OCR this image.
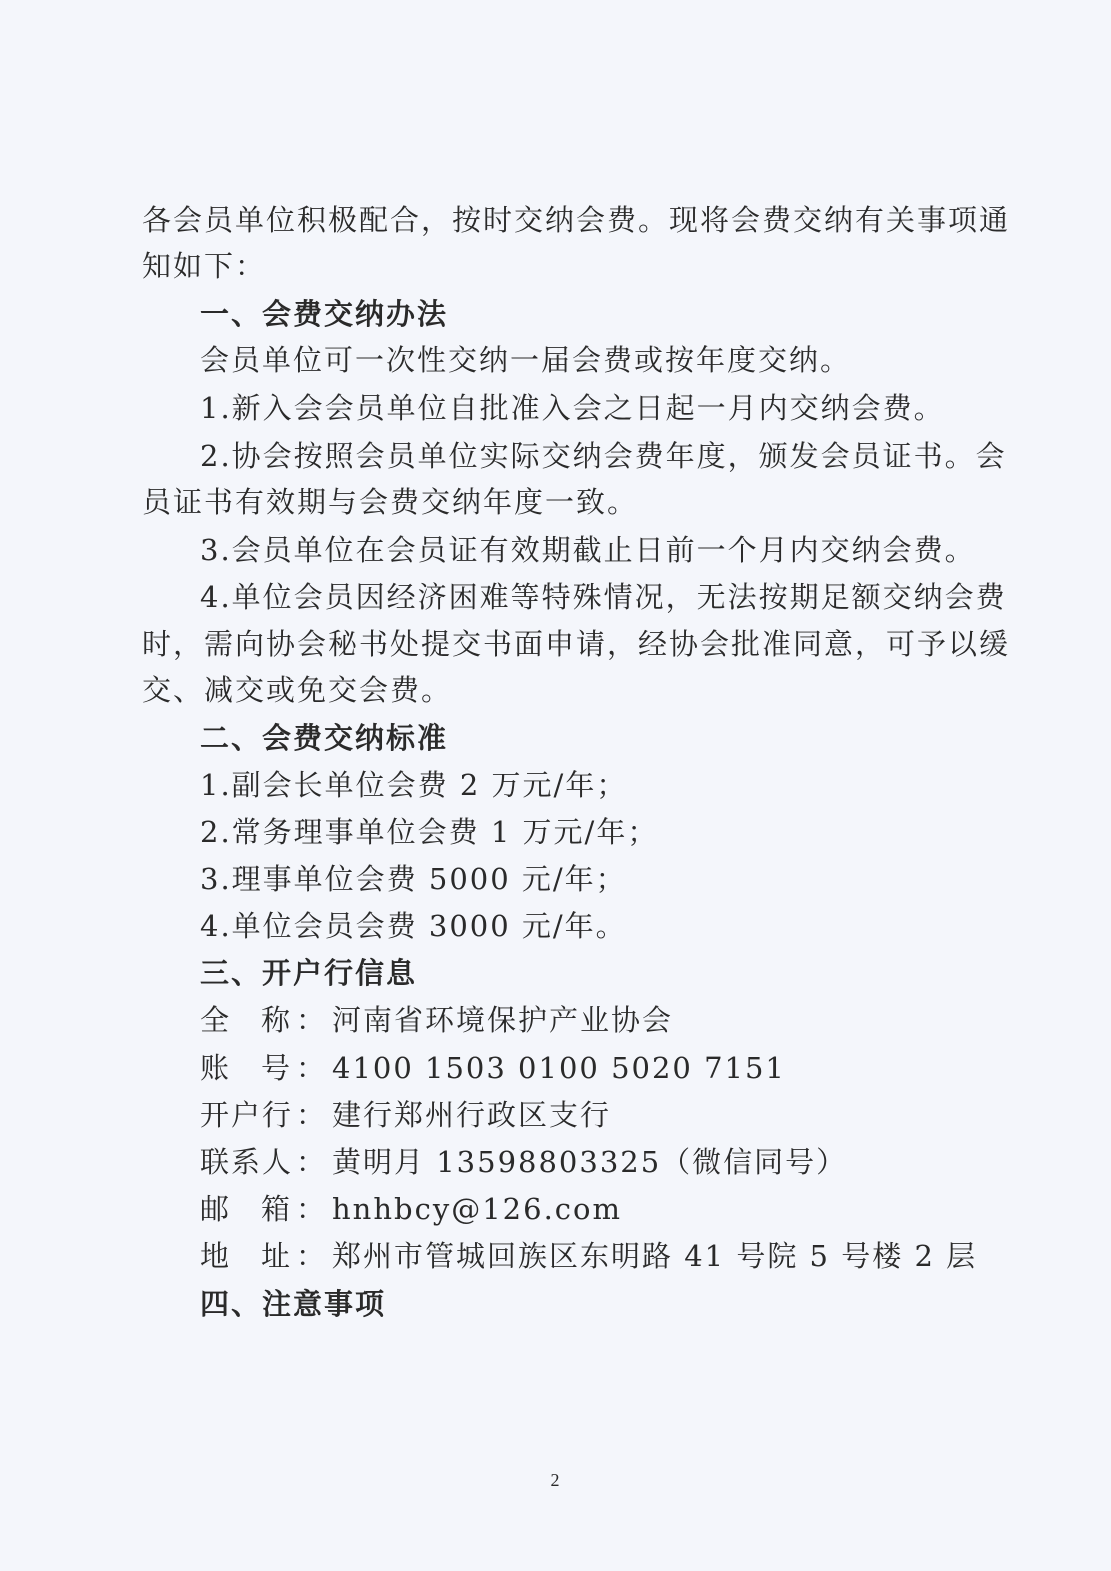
各会员单位积极配合，按时交纳会费。现将会费交纳有关事项通
知如下：
一、会费交纳办法
会员单位可一次性交纳一届会费或按年度交纳。
1.新入会会员单位自批准入会之日起一月内交纳会费。
2.协会按照会员单位实际交纳会费年度，颁发会员证书。会
员证书有效期与会费交纳年度一致。
3.会员单位在会员证有效期截止日前一个月内交纳会费。
4.单位会员因经济困难等特殊情况，无法按期足额交纳会费
时，需向协会秘书处提交书面申请，经协会批准同意，可予以缓
交、减交或免交会费。
二、会费交纳标准
1.副会长单位会费 2 万元/年；
2.常务理事单位会费 1 万元/年；
3.理事单位会费 5000 元/年；
4.单位会员会费 3000 元/年。
三、开户行信息
全 称 ： 河南省环境保护产业协会
账 号 ： 4100 1503 0100 5020 7151
开 户 行 ： 建行郑州行政区支行
联 系 人 ： 黄明月 13598803325（微信同号）
邮 箱 ： hnhbcy@126.com
地 址 ： 郑州市管城回族区东明路 41 号院 5 号楼 2 层
四、注意事项
2
